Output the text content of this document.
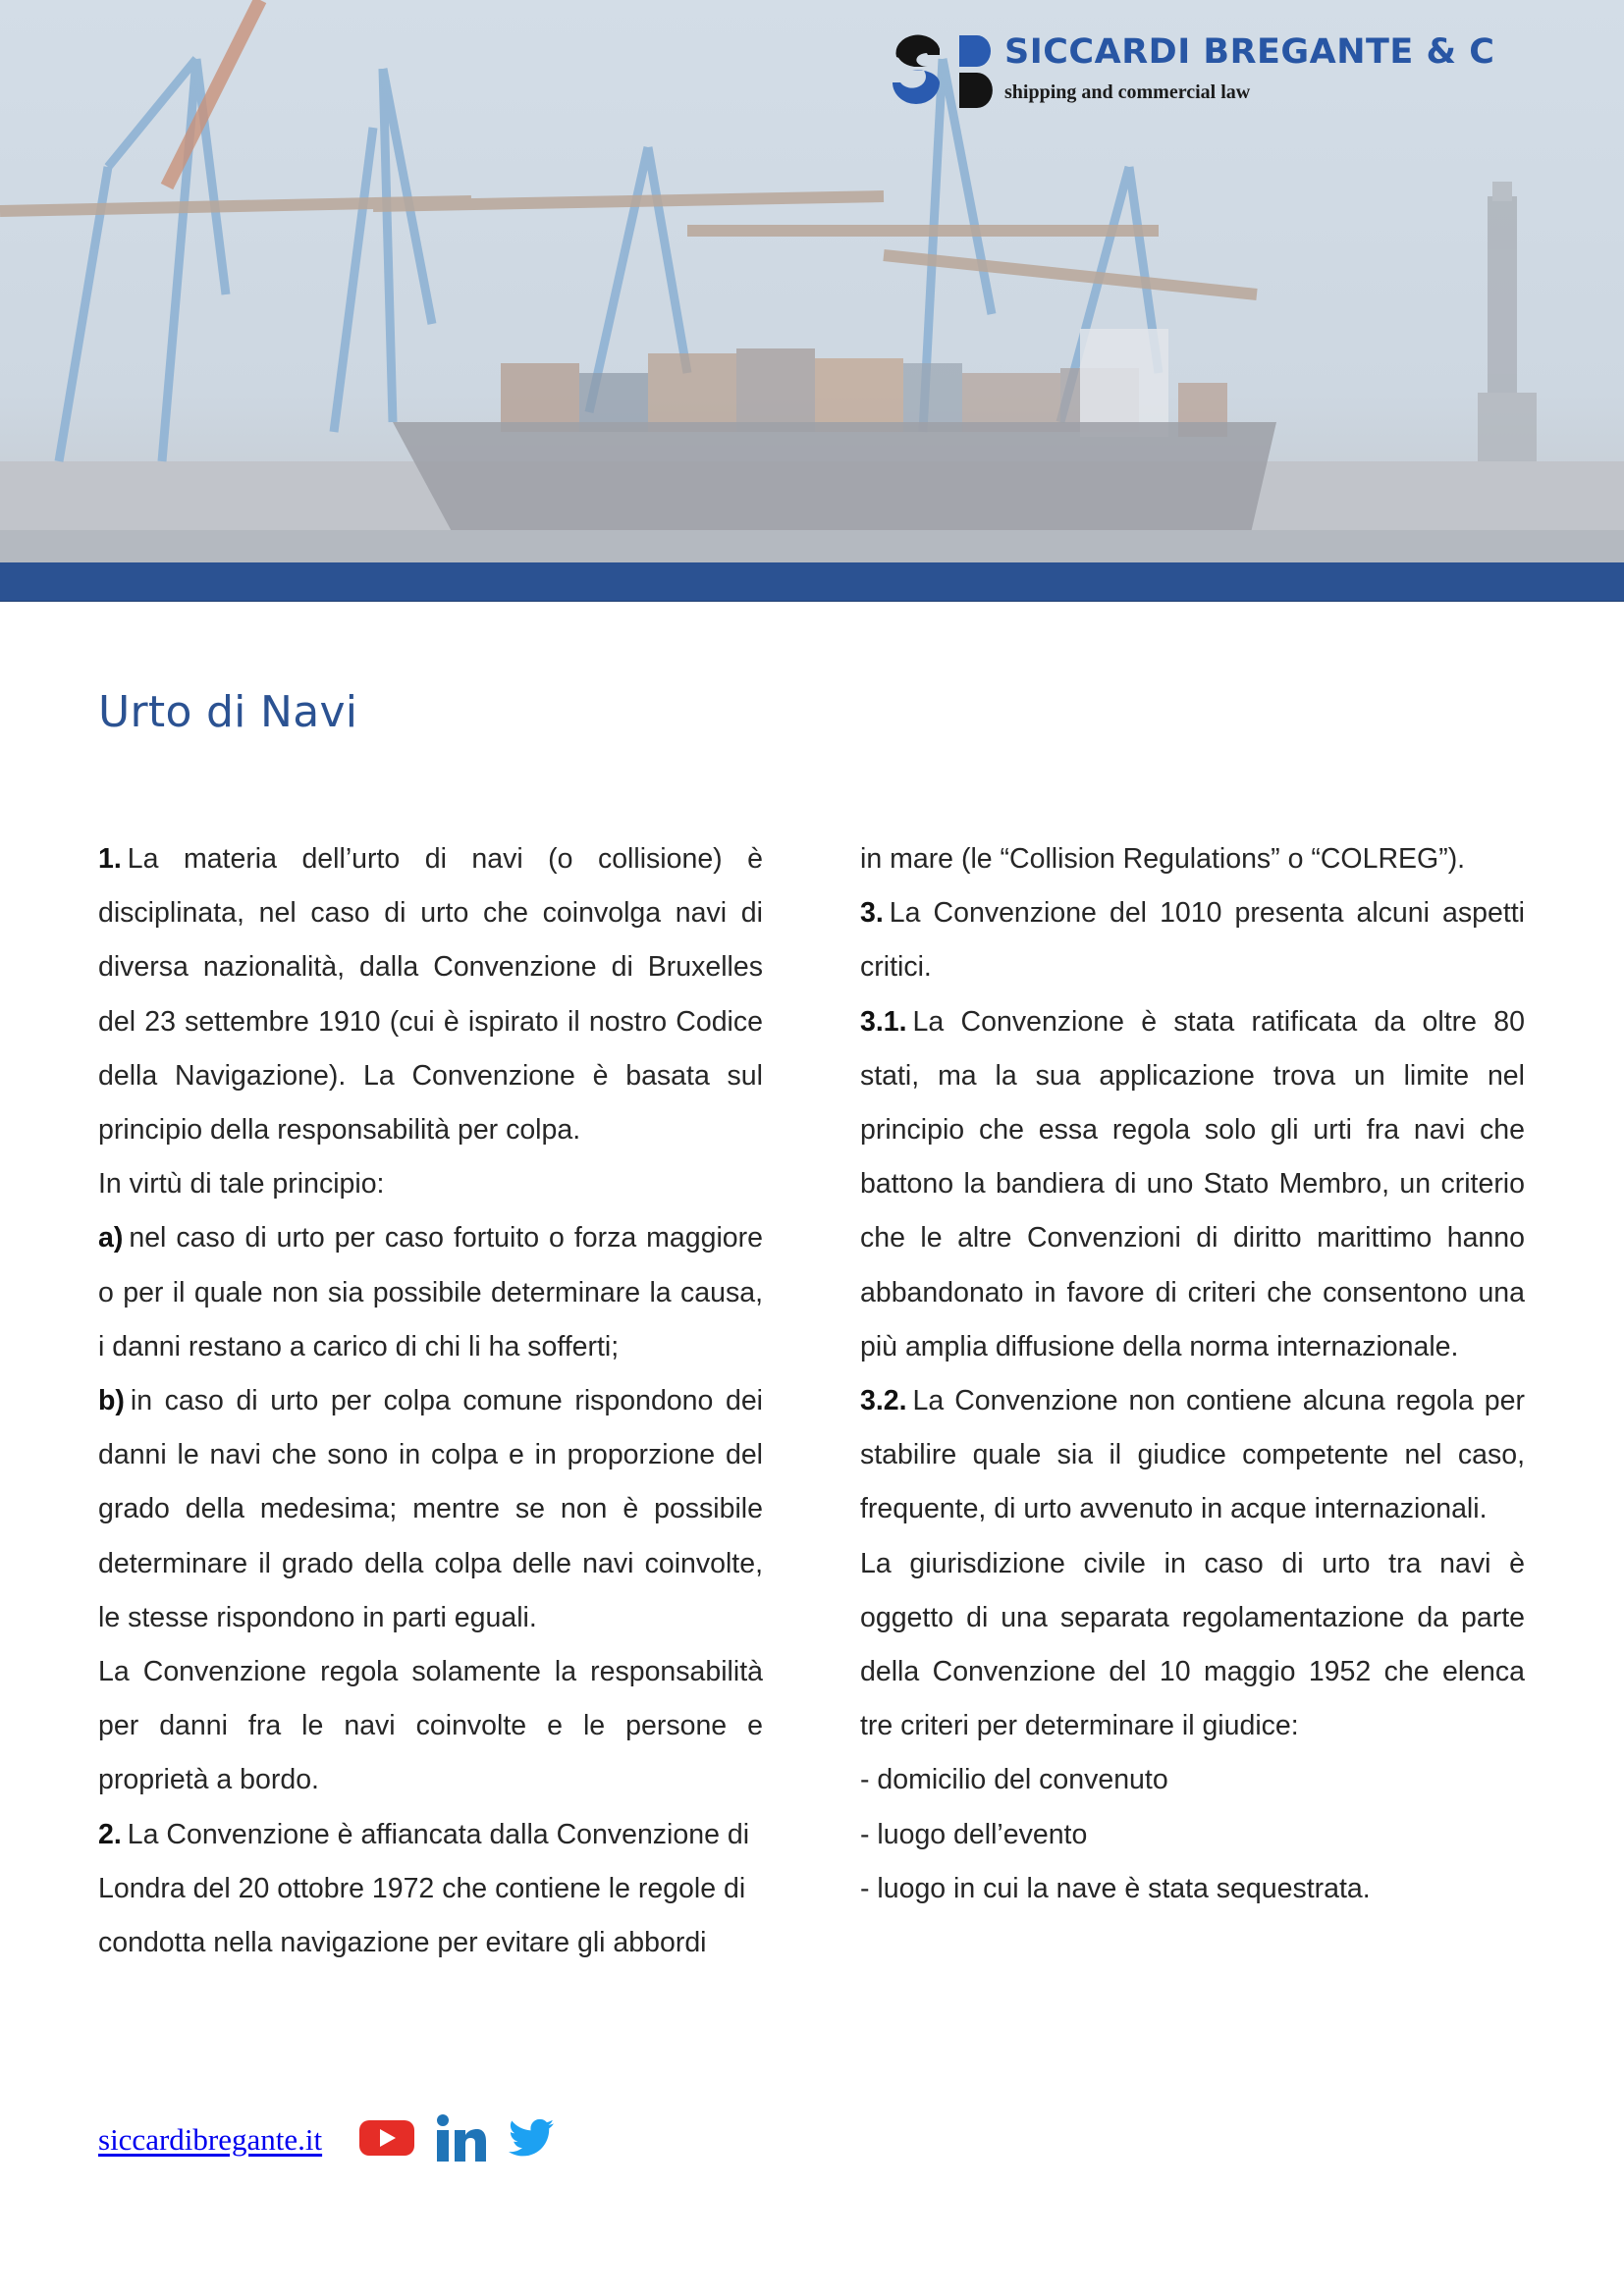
SICCARDI BREGANTE & C
shipping and commercial law
Urto di Navi

1. La materia dell’urto di navi (o collisione) è disciplinata, nel caso di urto che coinvolga navi di diversa nazionalità, dalla Convenzione di Bruxelles del 23 settembre 1910 (cui è ispirato il nostro Codice della Navigazione). La Convenzione è basata sul principio della responsabilità per colpa.

In virtù di tale principio:

a) nel caso di urto per caso fortuito o forza maggiore o per il quale non sia possibile determinare la causa, i danni restano a carico di chi li ha sofferti;

b) in caso di urto per colpa comune rispondono dei danni le navi che sono in colpa e in proporzione del grado della medesima; mentre se non è possibile determinare il grado della colpa delle navi coinvolte, le stesse rispondono in parti eguali.

La Convenzione regola solamente la responsabilità per danni fra le navi coinvolte e le persone e proprietà a bordo.

2. La Convenzione è affiancata dalla Convenzione di Londra del 20 ottobre 1972 che contiene le regole di condotta nella navigazione per evitare gli abbordi

in mare (le “Collision Regulations” o “COLREG”).

3. La Convenzione del 1010 presenta alcuni aspetti critici.

3.1. La Convenzione è stata ratificata da oltre 80 stati, ma la sua applicazione trova un limite nel principio che essa regola solo gli urti fra navi che battono la bandiera di uno Stato Membro, un criterio che le altre Convenzioni di diritto marittimo hanno abbandonato in favore di criteri che consentono una più amplia diffusione della norma internazionale.

3.2. La Convenzione non contiene alcuna regola per stabilire quale sia il giudice competente nel caso, frequente, di urto avvenuto in acque internazionali.

La giurisdizione civile in caso di urto tra navi è oggetto di una separata regolamentazione da parte della Convenzione del 10 maggio 1952 che elenca tre criteri per determinare il giudice:

- domicilio del convenuto

- luogo dell’evento

- luogo in cui la nave è stata sequestrata.

siccardibregante.it
